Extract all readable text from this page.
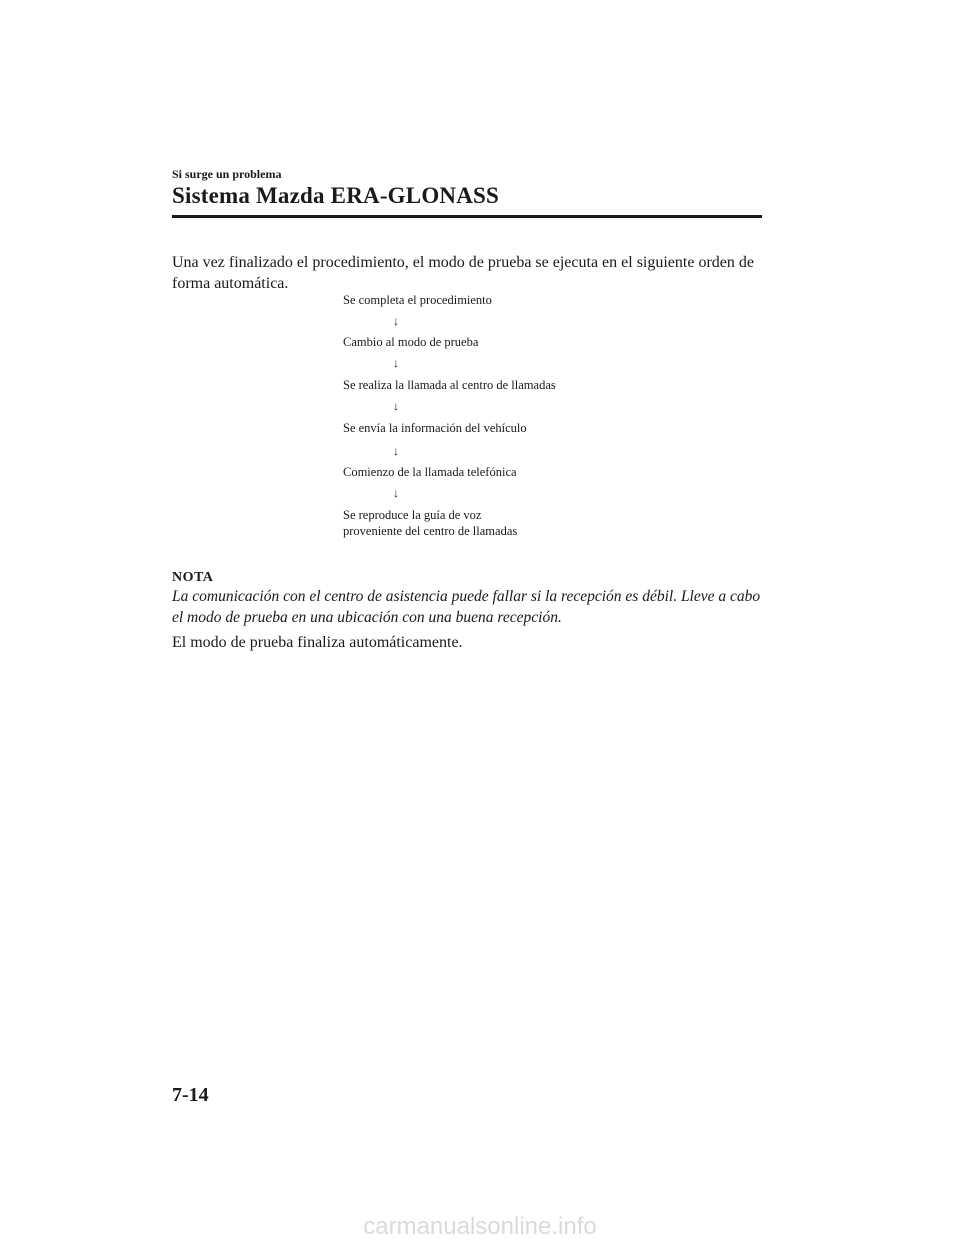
Si surge un problema
Sistema Mazda ERA-GLONASS
Una vez finalizado el procedimiento, el modo de prueba se ejecuta en el siguiente orden de forma automática.
Se completa el procedimiento
↓
Cambio al modo de prueba
↓
Se realiza la llamada al centro de llamadas
↓
Se envía la información del vehículo
↓
Comienzo de la llamada telefónica
↓
Se reproduce la guía de voz
proveniente del centro de llamadas
NOTA
La comunicación con el centro de asistencia puede fallar si la recepción es débil. Lleve a cabo el modo de prueba en una ubicación con una buena recepción.
El modo de prueba finaliza automáticamente.
7-14
carmanualsonline.info
